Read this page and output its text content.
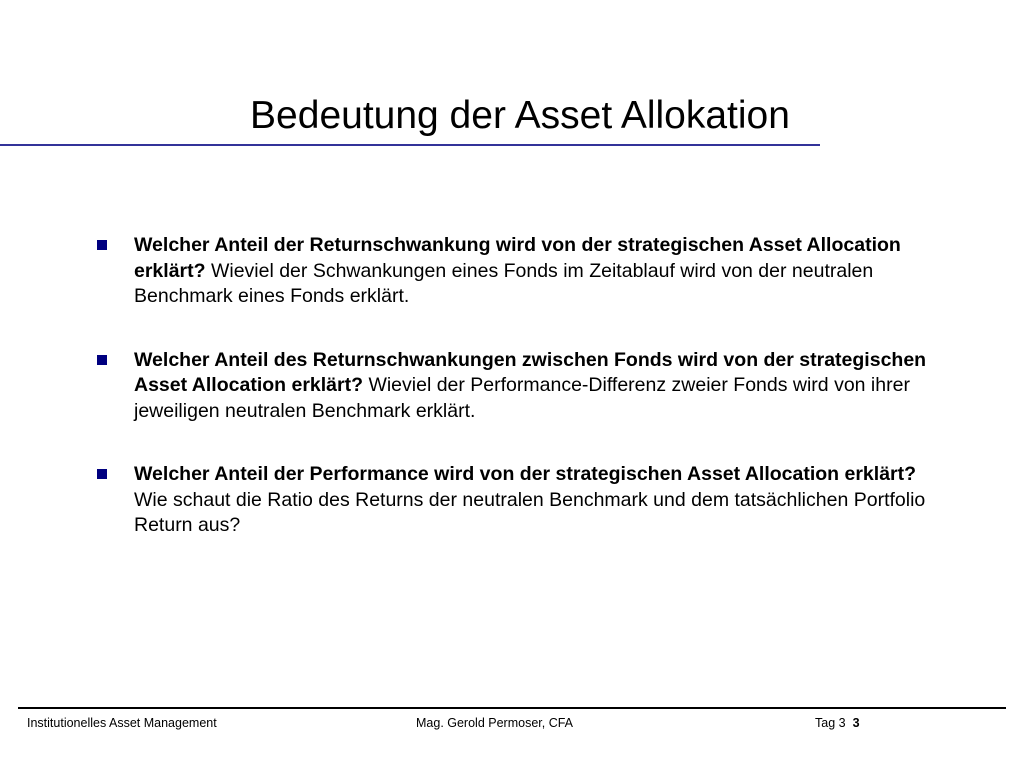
Bedeutung der Asset Allokation
Welcher Anteil der Returnschwankung wird von der strategischen Asset Allocation erklärt? Wieviel der Schwankungen eines Fonds im Zeitablauf wird von der neutralen Benchmark eines Fonds erklärt.
Welcher Anteil des Returnschwankungen zwischen Fonds wird von der strategischen Asset Allocation erklärt? Wieviel der Performance-Differenz zweier Fonds wird von ihrer jeweiligen neutralen Benchmark erklärt.
Welcher Anteil der Performance wird von der strategischen Asset Allocation erklärt? Wie schaut die Ratio des Returns der neutralen Benchmark und dem tatsächlichen Portfolio Return aus?
Institutionelles Asset Management	Mag. Gerold Permoser, CFA	Tag 3 3
